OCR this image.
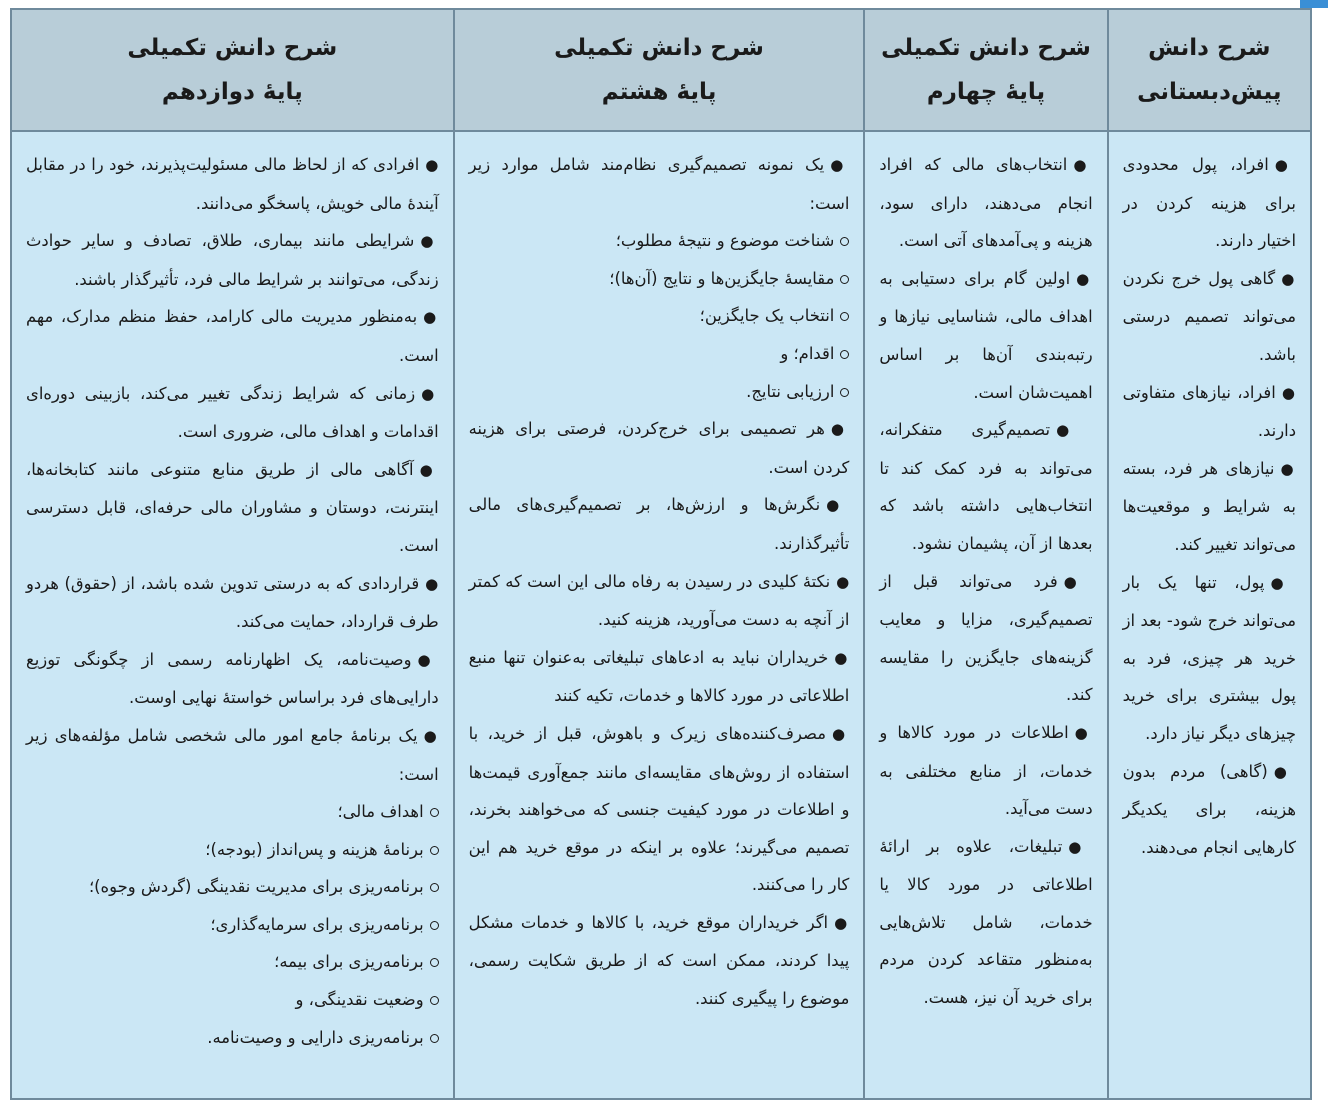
شرح دانش
پیش‌دبستانی

●افراد، پول محدودی برای هزینه کردن در اختیار دارند.

●گاهی پول خرج نکردن می‌تواند تصمیم درستی باشد.

●افراد، نیازهای متفاوتی دارند.

●نیازهای هر فرد، بسته به شرایط و موقعیت‌ها می‌تواند تغییر کند.

●پول، تنها یک بار می‌تواند خرج شود- بعد از خرید هر چیزی، فرد به پول بیشتری برای خرید چیزهای دیگر نیاز دارد.

●(گاهی) مردم بدون هزینه، برای یکدیگر کارهایی انجام می‌دهند.

شرح دانش تکمیلی
پایهٔ چهارم

●انتخاب‌های مالی که افراد انجام می‌دهند، دارای سود، هزینه و پی‌آمدهای آتی است.

●اولین گام برای دستیابی به اهداف مالی، شناسایی نیازها و رتبه‌بندی آن‌ها بر اساس اهمیت‌شان است.

●تصمیم‌گیری متفکرانه، می‌تواند به فرد کمک کند تا انتخاب‌هایی داشته باشد که بعدها از آن، پشیمان نشود.

●فرد می‌تواند قبل از تصمیم‌گیری، مزایا و معایب گزینه‌های جایگزین را مقایسه کند.

●اطلاعات در مورد کالاها و خدمات، از منابع مختلفی به دست می‌آید.

●تبلیغات، علاوه بر ارائهٔ اطلاعاتی در مورد کالا یا خدمات، شامل تلاش‌هایی به‌منظور متقاعد کردن مردم برای خرید آن نیز، هست.

شرح دانش تکمیلی
پایهٔ هشتم

●یک نمونه تصمیم‌گیری نظام‌مند شامل موارد زیر است:

شناخت موضوع و نتیجهٔ مطلوب؛

مقایسهٔ جایگزین‌ها و نتایج (آن‌ها)؛

انتخاب یک جایگزین؛

اقدام؛ و

ارزیابی نتایج.

●هر تصمیمی برای خرج‌کردن، فرصتی برای هزینه کردن است.

●نگرش‌ها و ارزش‌ها، بر تصمیم‌گیری‌های مالی تأثیرگذارند.

●نکتهٔ کلیدی در رسیدن به رفاه مالی این است که کمتر از آنچه به دست می‌آورید، هزینه کنید.

●خریداران نباید به ادعاهای تبلیغاتی به‌عنوان تنها منبع اطلاعاتی در مورد کالاها و خدمات، تکیه کنند

●مصرف‌کننده‌های زیرک و باهوش، قبل از خرید، با استفاده از روش‌های مقایسه‌ای مانند جمع‌آوری قیمت‌ها و اطلاعات در مورد کیفیت جنسی که می‌خواهند بخرند، تصمیم می‌گیرند؛ علاوه بر اینکه در موقع خرید هم این کار را می‌کنند.

●اگر خریداران موقع خرید، با کالاها و خدمات مشکل پیدا کردند، ممکن است که از طریق شکایت رسمی، موضوع را پیگیری کنند.

شرح دانش تکمیلی
پایهٔ دوازدهم

●افرادی که از لحاظ مالی مسئولیت‌پذیرند، خود را در مقابل آیندهٔ مالی خویش، پاسخگو می‌دانند.

●شرایطی مانند بیماری، طلاق، تصادف و سایر حوادث زندگی، می‌توانند بر شرایط مالی فرد، تأثیرگذار باشند.

●به‌منظور مدیریت مالی کارامد، حفظ منظم مدارک، مهم است.

●زمانی که شرایط زندگی تغییر می‌کند، بازبینی دوره‌ای اقدامات و اهداف مالی، ضروری است.

●آگاهی مالی از طریق منابع متنوعی مانند کتابخانه‌ها، اینترنت، دوستان و مشاوران مالی حرفه‌ای، قابل دسترسی است.

●قراردادی که به درستی تدوین شده باشد، از (حقوق) هردو طرف قرارداد، حمایت می‌کند.

●وصیت‌نامه، یک اظهارنامه رسمی از چگونگی توزیع دارایی‌های فرد براساس خواستهٔ نهایی اوست.

●یک برنامهٔ جامع امور مالی شخصی شامل مؤلفه‌های زیر است:

اهداف مالی؛

برنامهٔ هزینه و پس‌انداز (بودجه)؛

برنامه‌ریزی برای مدیریت نقدینگی (گردش وجوه)؛

برنامه‌ریزی برای سرمایه‌گذاری؛

برنامه‌ریزی برای بیمه؛

وضعیت نقدینگی، و

برنامه‌ریزی دارایی و وصیت‌نامه.
